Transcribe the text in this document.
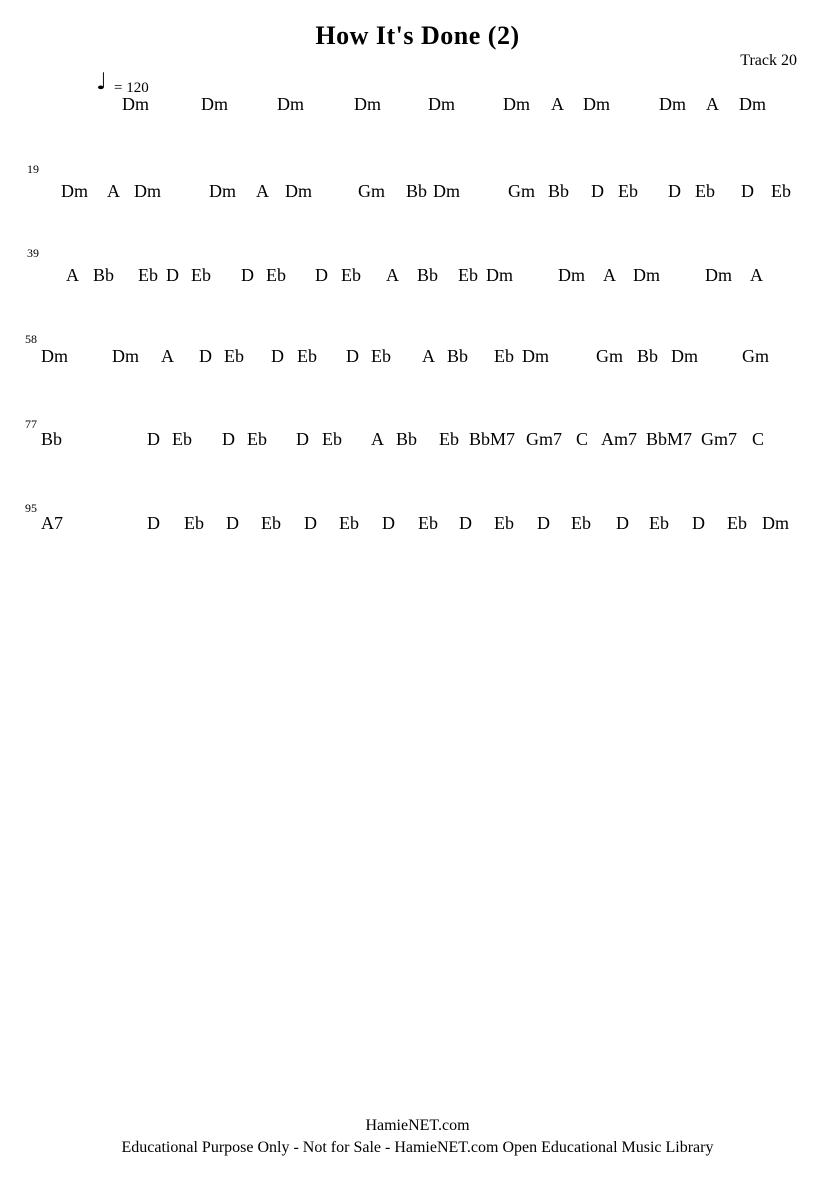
How It's Done (2)
Track 20
♩ = 120
Dm	Dm	Dm	Dm	Dm	Dm A Dm	Dm A Dm
19
Dm A Dm	Dm A Dm	Gm Bb Dm	Gm Bb D Eb D Eb D Eb
39
A Bb Eb D Eb D Eb D Eb A Bb Eb Dm	Dm A Dm	Dm A
58
Dm Dm A D Eb D Eb D Eb A Bb Eb Dm	Gm Bb Dm Gm
77
Bb	D Eb D Eb D Eb A Bb Eb BbM7 Gm7 C Am7 BbM7 Gm7 C
95
A7	D Eb D Eb D Eb D Eb D Eb D Eb D Eb D Eb Dm
HamieNET.com
Educational Purpose Only - Not for Sale - HamieNET.com Open Educational Music Library
